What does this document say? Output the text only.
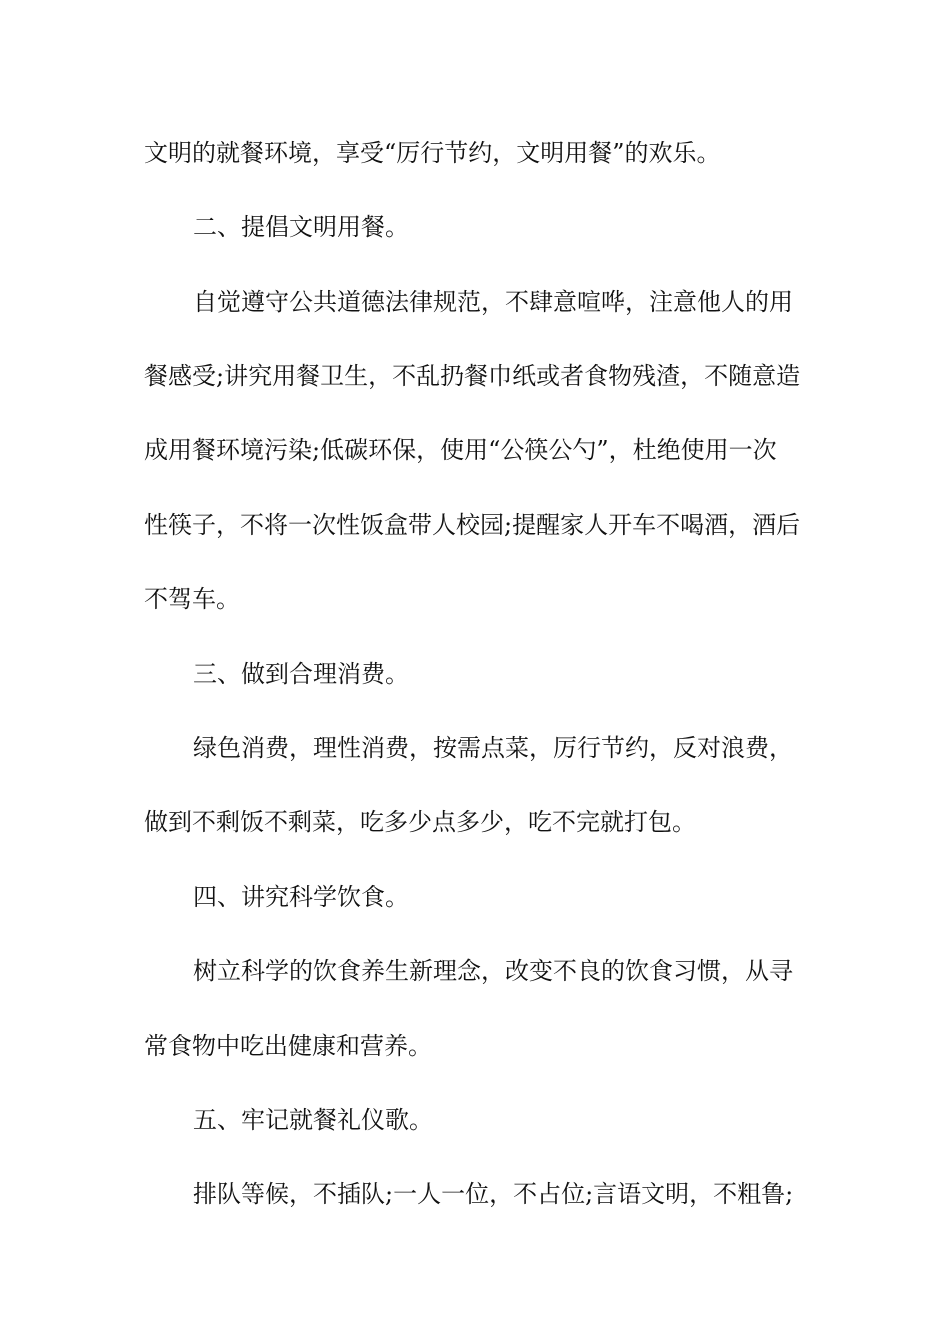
文明的就餐环境，享受“厉行节约，文明用餐”的欢乐。
二、提倡文明用餐。
自觉遵守公共道德法律规范，不肆意喧哗，注意他人的用
餐感受;讲究用餐卫生，不乱扔餐巾纸或者食物残渣，不随意造
成用餐环境污染;低碳环保，使用“公筷公勺”，杜绝使用一次
性筷子，不将一次性饭盒带人校园;提醒家人开车不喝酒，酒后
不驾车。
三、做到合理消费。
绿色消费，理性消费，按需点菜，厉行节约，反对浪费，
做到不剩饭不剩菜，吃多少点多少，吃不完就打包。
四、讲究科学饮食。
树立科学的饮食养生新理念，改变不良的饮食习惯，从寻
常食物中吃出健康和营养。
五、牢记就餐礼仪歌。
排队等候，不插队;一人一位，不占位;言语文明，不粗鲁;
